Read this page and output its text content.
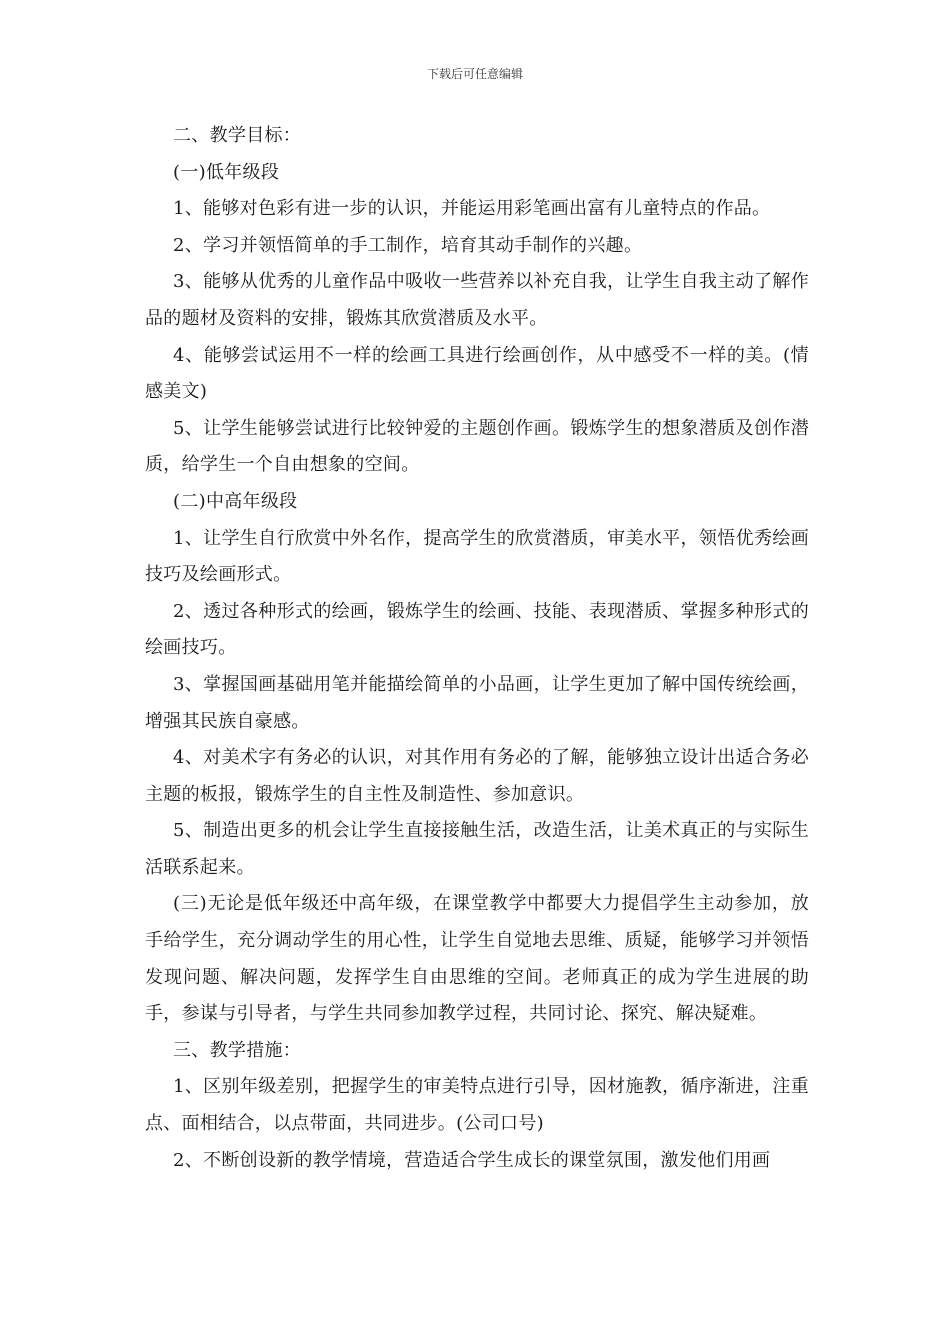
下载后可任意编辑

二、教学目标：

(一)低年级段

1、能够对色彩有进一步的认识，并能运用彩笔画出富有儿童特点的作品。

2、学习并领悟简单的手工制作，培育其动手制作的兴趣。

3、能够从优秀的儿童作品中吸收一些营养以补充自我，让学生自我主动了解作品的题材及资料的安排，锻炼其欣赏潜质及水平。

4、能够尝试运用不一样的绘画工具进行绘画创作，从中感受不一样的美。(情感美文)

5、让学生能够尝试进行比较钟爱的主题创作画。锻炼学生的想象潜质及创作潜质，给学生一个自由想象的空间。

(二)中高年级段

1、让学生自行欣赏中外名作，提高学生的欣赏潜质，审美水平，领悟优秀绘画技巧及绘画形式。

2、透过各种形式的绘画，锻炼学生的绘画、技能、表现潜质、掌握多种形式的绘画技巧。

3、掌握国画基础用笔并能描绘简单的小品画，让学生更加了解中国传统绘画，增强其民族自豪感。

4、对美术字有务必的认识，对其作用有务必的了解，能够独立设计出适合务必主题的板报，锻炼学生的自主性及制造性、参加意识。

5、制造出更多的机会让学生直接接触生活，改造生活，让美术真正的与实际生活联系起来。

(三)无论是低年级还中高年级，在课堂教学中都要大力提倡学生主动参加，放手给学生，充分调动学生的用心性，让学生自觉地去思维、质疑，能够学习并领悟发现问题、解决问题，发挥学生自由思维的空间。老师真正的成为学生进展的助手，参谋与引导者，与学生共同参加教学过程，共同讨论、探究、解决疑难。

三、教学措施：

1、区别年级差别，把握学生的审美特点进行引导，因材施教，循序渐进，注重点、面相结合，以点带面，共同进步。(公司口号)

2、不断创设新的教学情境，营造适合学生成长的课堂氛围，激发他们用画
